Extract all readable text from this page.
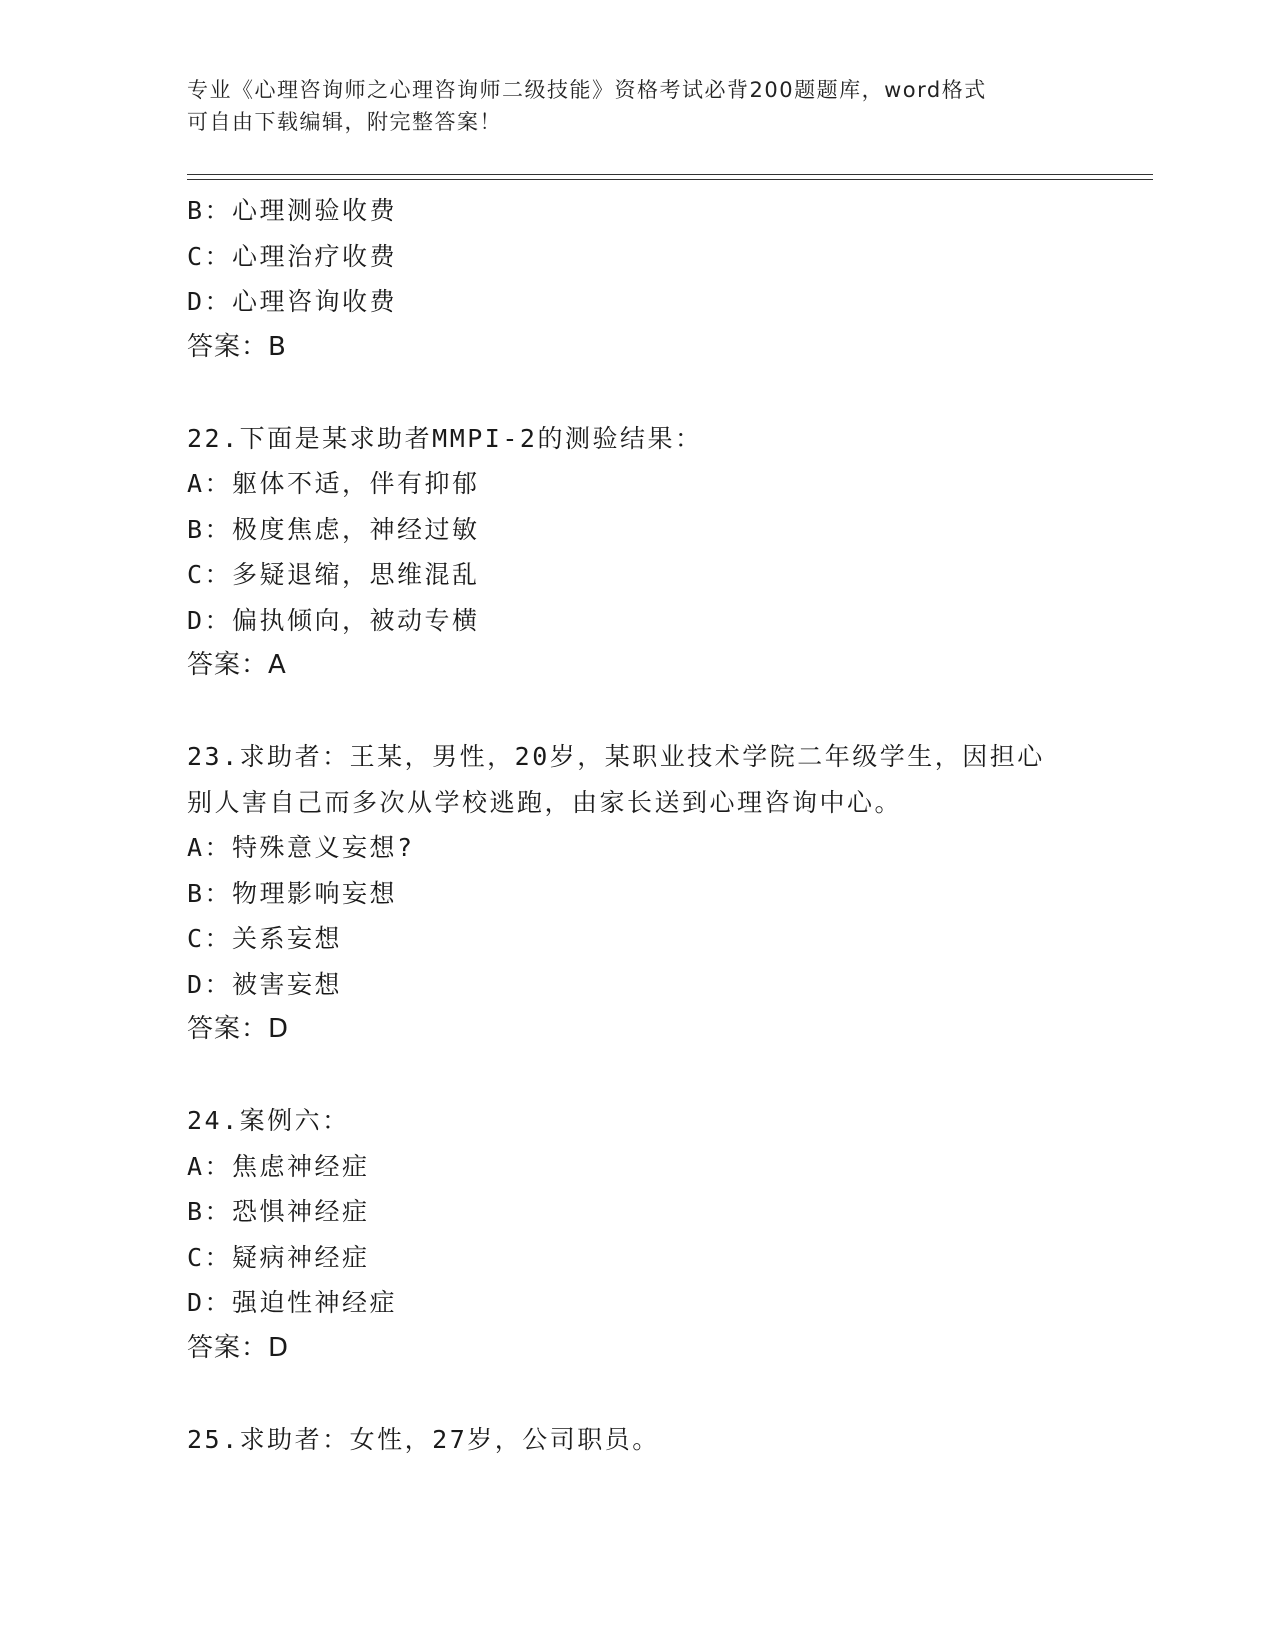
专业《心理咨询师之心理咨询师二级技能》资格考试必背200题题库，word格式
可自由下载编辑，附完整答案！
B：心理测验收费
C：心理治疗收费
D：心理咨询收费
答案：B
22.下面是某求助者MMPI-2的测验结果：
A：躯体不适，伴有抑郁
B：极度焦虑，神经过敏
C：多疑退缩，思维混乱
D：偏执倾向，被动专横
答案：A
23.求助者：王某，男性，20岁，某职业技术学院二年级学生，因担心
别人害自己而多次从学校逃跑，由家长送到心理咨询中心。
A：特殊意义妄想?
B：物理影响妄想
C：关系妄想
D：被害妄想
答案：D
24.案例六：
A：焦虑神经症
B：恐惧神经症
C：疑病神经症
D：强迫性神经症
答案：D
25.求助者：女性，27岁，公司职员。
